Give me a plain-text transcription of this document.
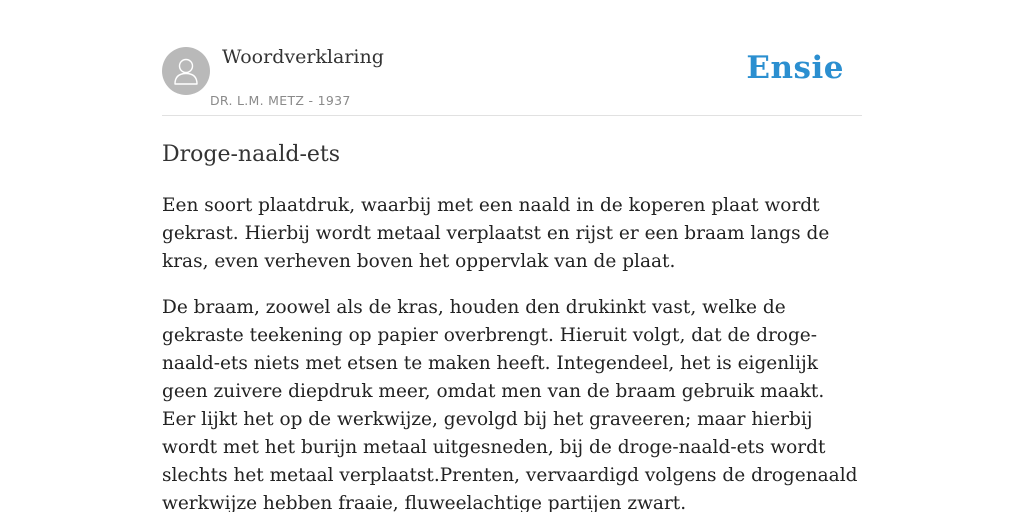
Woordverklaring
DR. L.M. METZ - 1937
Ensie
Droge-naald-ets

Een soort plaatdruk, waarbij met een naald in de koperen plaat wordt gekrast. Hierbij wordt metaal verplaatst en rijst er een braam langs de kras, even verheven boven het oppervlak van de plaat.

De braam, zoowel als de kras, houden den drukinkt vast, welke de gekraste teekening op papier overbrengt. Hieruit volgt, dat de droge-naald-ets niets met etsen te maken heeft. Integendeel, het is eigenlijk geen zuivere diepdruk meer, omdat men van de braam gebruik maakt. Eer lijkt het op de werkwijze, gevolgd bij het graveeren; maar hierbij wordt met het burijn metaal uitgesneden, bij de droge-naald-ets wordt slechts het metaal verplaatst.Prenten, vervaardigd volgens de drogenaald werkwijze hebben fraaie, fluweelachtige partijen zwart.
